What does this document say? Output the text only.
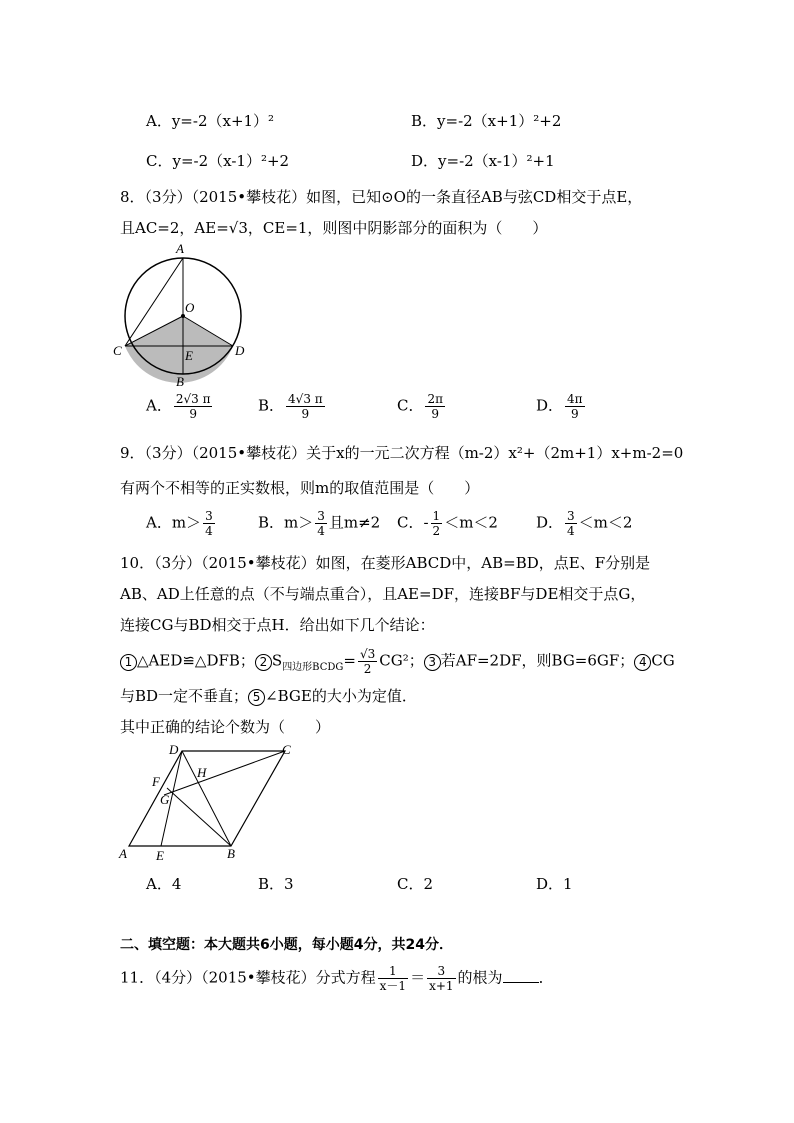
A．y=-2（x+1）²	B．y=-2（x+1）²+2
C．y=-2（x-1）²+2	D．y=-2（x-1）²+1
8．（3分）（2015•攀枝花）如图，已知⊙O的一条直径AB与弦CD相交于点E，
且AC=2，AE=√3，CE=1，则图中阴影部分的面积为（　　）
A
O
C	E	D
B
A． $\frac{2√3 \pi}{9}$	B． $\frac{4√3 \pi}{9}$	C． $\frac{2\pi}{9}$	D． $\frac{4\pi}{9}$
9．（3分）（2015•攀枝花）关于x的一元二次方程（m-2）x²+（2m+1）x+m-2=0
有两个不相等的正实数根，则m的取值范围是（　　）
A．$m> \frac{3}{4}$	B．$m> \frac{3}{4}$ 且m≠2 C．- $\frac{1}{2} <m<2$	D． $\frac{3}{4} <m<2$
10．（3分）（2015•攀枝花）如图，在菱形ABCD中，AB=BD，点E、F分别是
AB、AD上任意的点（不与端点重合），且AE=DF，连接BF与DE相交于点G，
连接CG与BD相交于点H．给出如下几个结论：
1 △AED≌△DFB； 2 $S_{四边形BCDG}= \frac{√3}{2} CG^2$； 3 若AF=2DF，则BG=6GF； 4 CG
与BD一定不垂直； 5 ∠BGE的大小为定值．
其中正确的结论个数为（　　）
D	C
H
F
G
A E	B
A．4	B．3	C．2	D．1
二、填空题：本大题共6小题，每小题4分，共24分．
11．（4分）（2015•攀枝花）分式方程 $\frac{1}{x-1} = \frac{3}{x+1}$ 的根为 ．
